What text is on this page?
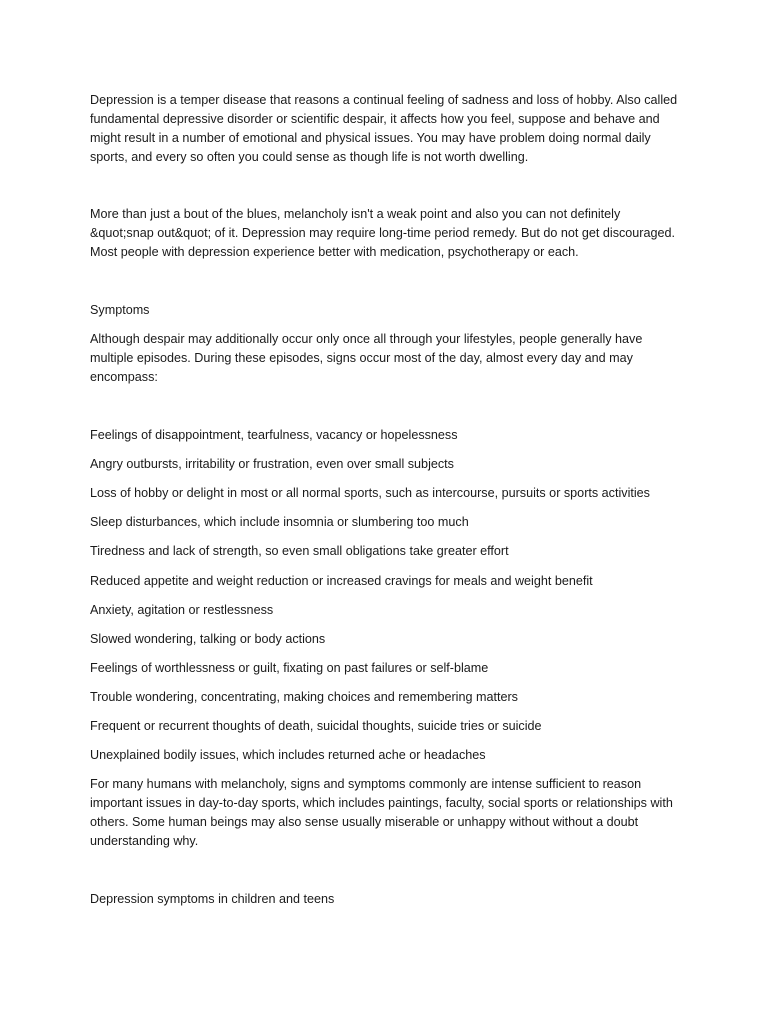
Depression is a temper disease that reasons a continual feeling of sadness and loss of hobby. Also called fundamental depressive disorder or scientific despair, it affects how you feel, suppose and behave and might result in a number of emotional and physical issues. You may have problem doing normal daily sports, and every so often you could sense as though life is not worth dwelling.

More than just a bout of the blues, melancholy isn't a weak point and also you can not definitely &quot;snap out&quot; of it. Depression may require long-time period remedy. But do not get discouraged. Most people with depression experience better with medication, psychotherapy or each.

Symptoms

Although despair may additionally occur only once all through your lifestyles, people generally have multiple episodes. During these episodes, signs occur most of the day, almost every day and may encompass:

Feelings of disappointment, tearfulness, vacancy or hopelessness

Angry outbursts, irritability or frustration, even over small subjects

Loss of hobby or delight in most or all normal sports, such as intercourse, pursuits or sports activities

Sleep disturbances, which include insomnia or slumbering too much

Tiredness and lack of strength, so even small obligations take greater effort

Reduced appetite and weight reduction or increased cravings for meals and weight benefit

Anxiety, agitation or restlessness

Slowed wondering, talking or body actions

Feelings of worthlessness or guilt, fixating on past failures or self-blame

Trouble wondering, concentrating, making choices and remembering matters

Frequent or recurrent thoughts of death, suicidal thoughts, suicide tries or suicide

Unexplained bodily issues, which includes returned ache or headaches

For many humans with melancholy, signs and symptoms commonly are intense sufficient to reason important issues in day-to-day sports, which includes paintings, faculty, social sports or relationships with others. Some human beings may also sense usually miserable or unhappy without without a doubt understanding why.

Depression symptoms in children and teens
